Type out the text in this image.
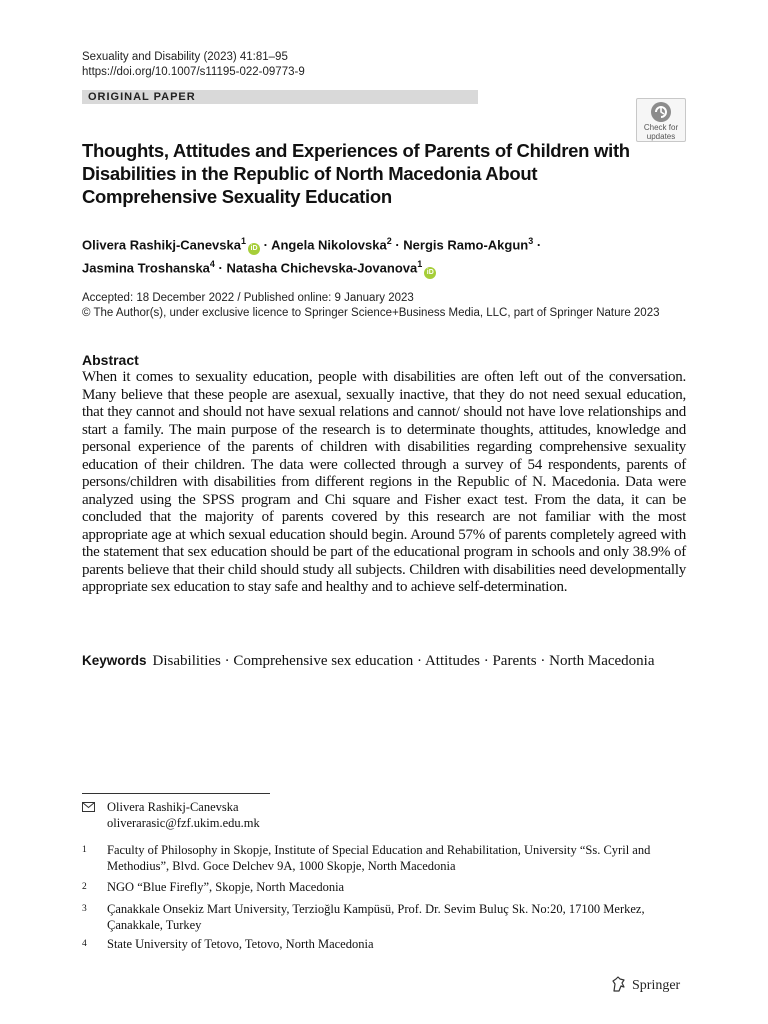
Sexuality and Disability (2023) 41:81–95
https://doi.org/10.1007/s11195-022-09773-9
ORIGINAL PAPER
Check for
updates
Thoughts, Attitudes and Experiences of Parents of Children with Disabilities in the Republic of North Macedonia About Comprehensive Sexuality Education
Olivera Rashikj-Canevska$^1$iD · Angela Nikolovska$^2$ · Nergis Ramo-Akgun$^3$ ·
Jasmina Troshanska$^4$ · Natasha Chichevska-Jovanova$^1$iD
Accepted: 18 December 2022 / Published online: 9 January 2023
© The Author(s), under exclusive licence to Springer Science+Business Media, LLC, part of Springer Nature 2023
Abstract
When it comes to sexuality education, people with disabilities are often left out of the conversation. Many believe that these people are asexual, sexually inactive, that they do not need sexual education, that they cannot and should not have sexual relations and cannot/ should not have love relationships and start a family. The main purpose of the research is to determinate thoughts, attitudes, knowledge and personal experience of the parents of children with disabilities regarding comprehensive sexuality education of their children. The data were collected through a survey of 54 respondents, parents of persons/children with disabilities from different regions in the Republic of N. Macedonia. Data were analyzed using the SPSS program and Chi square and Fisher exact test. From the data, it can be concluded that the majority of parents covered by this research are not familiar with the most appropriate age at which sexual education should begin. Around 57% of parents completely agreed with the statement that sex education should be part of the educational program in schools and only 38.9% of parents believe that their child should study all subjects. Children with disabilities need developmentally appropriate sex education to stay safe and healthy and to achieve self-determination.
Keywords Disabilities · Comprehensive sex education · Attitudes · Parents · North Macedonia
Olivera Rashikj-Canevska
oliverarasic@fzf.ukim.edu.mk
1 Faculty of Philosophy in Skopje, Institute of Special Education and Rehabilitation, University “Ss. Cyril and Methodius”, Blvd. Goce Delchev 9A, 1000 Skopje, North Macedonia
2 NGO “Blue Firefly”, Skopje, North Macedonia
3 Çanakkale Onsekiz Mart University, Terzioğlu Kampüsü, Prof. Dr. Sevim Buluç Sk. No:20, 17100 Merkez, Çanakkale, Turkey
4 State University of Tetovo, Tetovo, North Macedonia
Springer
